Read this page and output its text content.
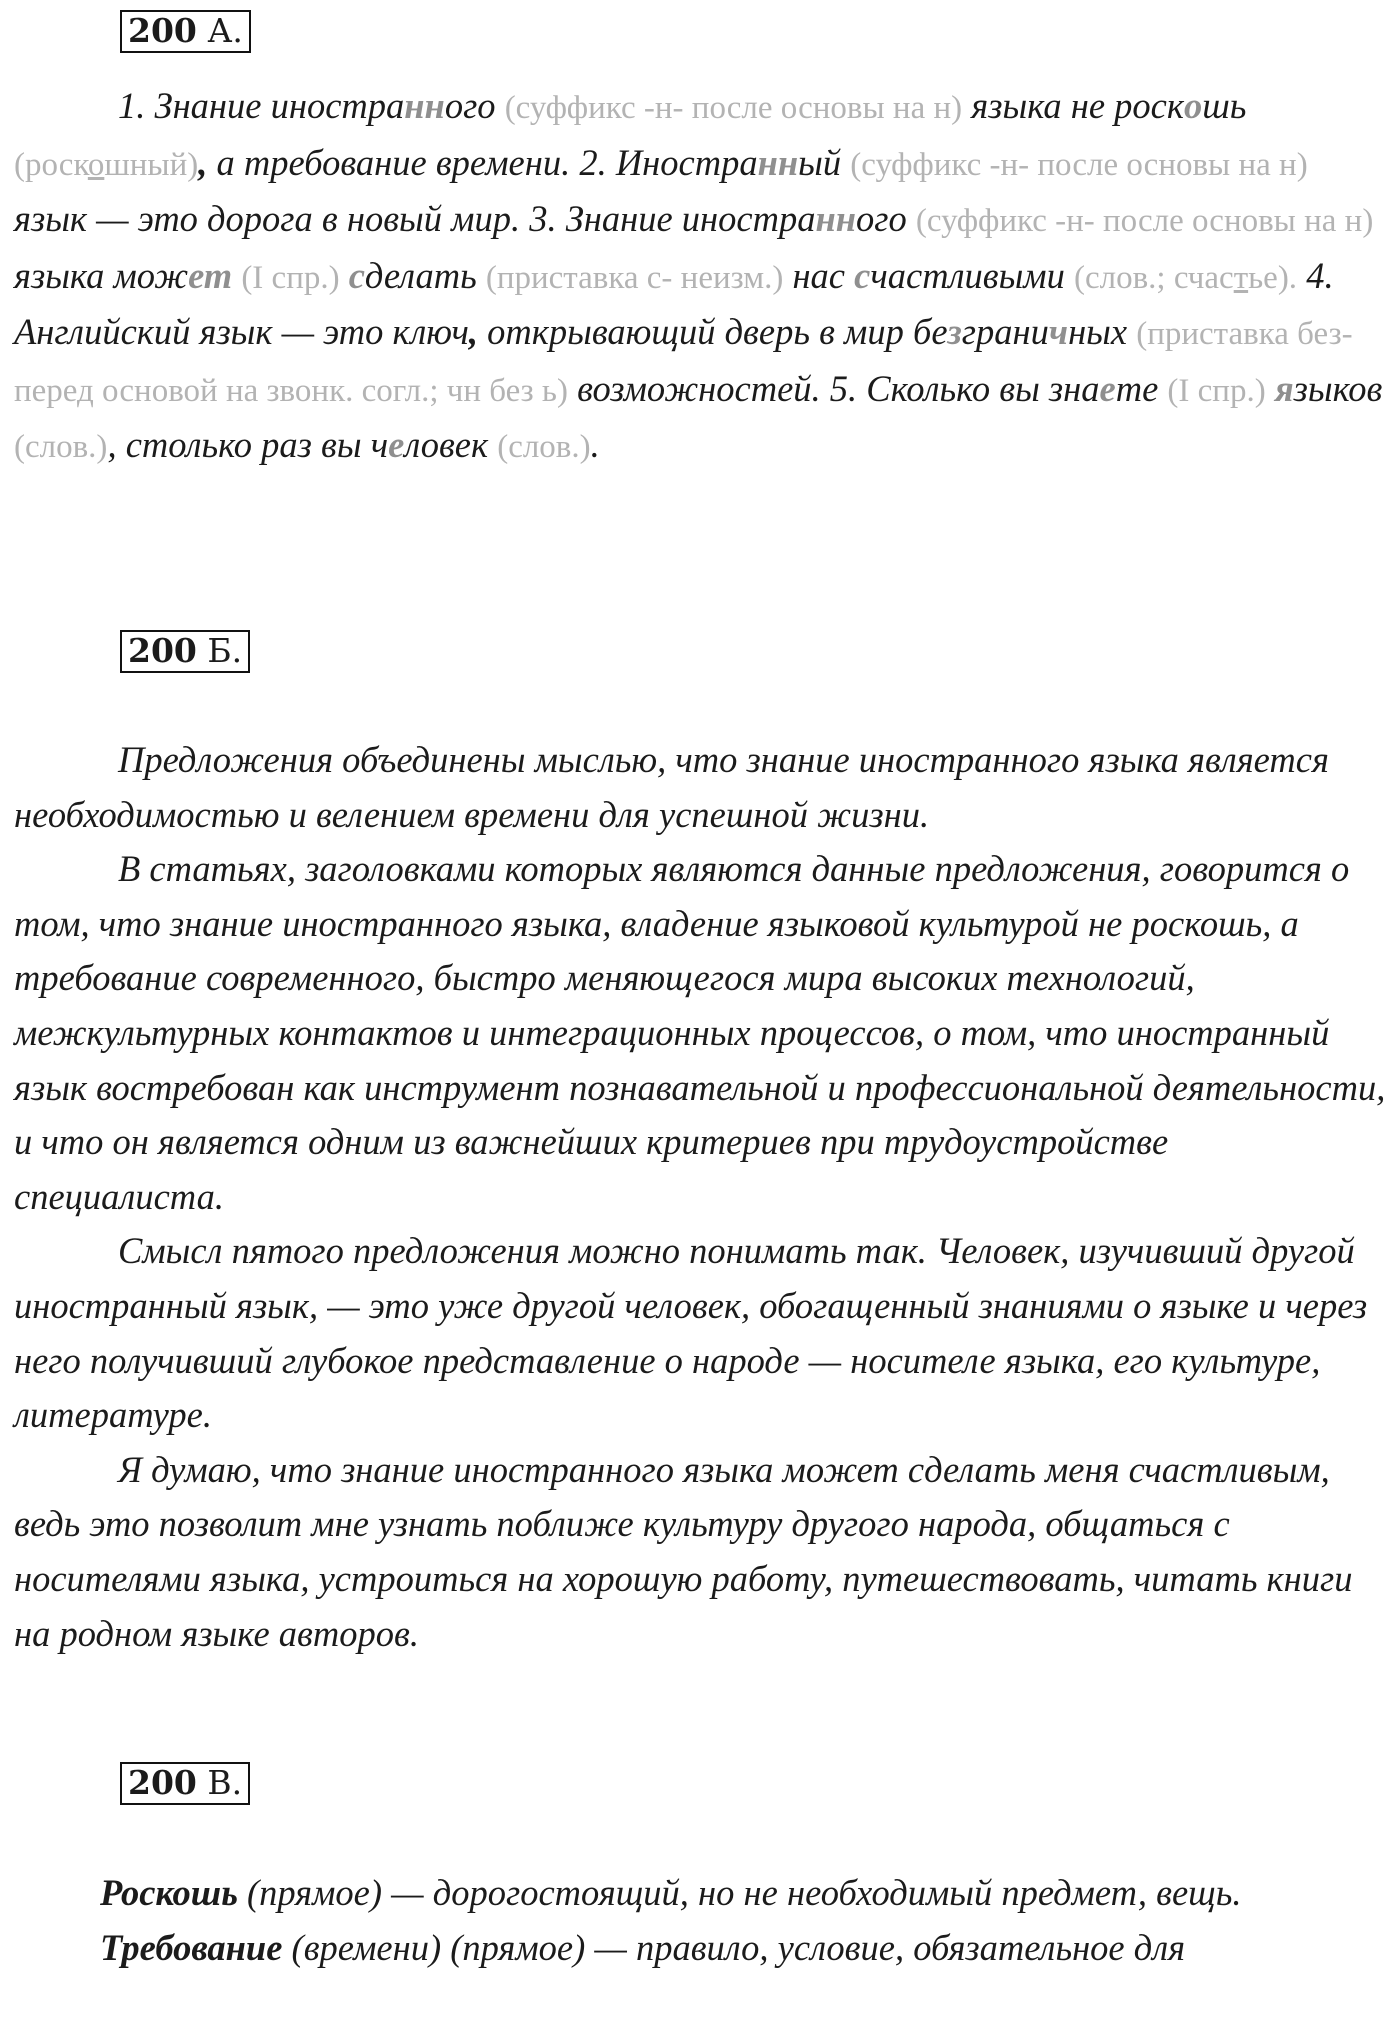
200 А.

1. Знание иностранного (суффикс -н- после основы на н) языка не роскошь (роскошный), а требование времени. 2. Иностранный (суффикс -н- после основы на н) язык — это дорога в новый мир. 3. Знание иностранного (суффикс -н- после основы на н) языка может (I спр.) сделать (приставка с- неизм.) нас счастливыми (слов.; счастье). 4. Английский язык — это ключ, открывающий дверь в мир безграничных (приставка без- перед основой на звонк. согл.; чн без ь) возможностей. 5. Сколько вы знаете (I спр.) языков (слов.), столько раз вы человек (слов.).

200 Б.

Предложения объединены мыслью, что знание иностранного языка является необходимостью и велением времени для успешной жизни.

В статьях, заголовками которых являются данные предложения, говорится о том, что знание иностранного языка, владение языковой культурой не роскошь, а требование современного, быстро меняющегося мира высоких технологий, межкультурных контактов и интеграционных процессов, о том, что иностранный язык востребован как инструмент познавательной и профессиональной деятельности, и что он является одним из важнейших критериев при трудоустройстве специалиста.

Смысл пятого предложения можно понимать так. Человек, изучивший другой иностранный язык, — это уже другой человек, обогащенный знаниями о языке и через него получивший глубокое представление о народе — носителе языка, его культуре, литературе.

Я думаю, что знание иностранного языка может сделать меня счастливым, ведь это позволит мне узнать поближе культуру другого народа, общаться с носителями языка, устроиться на хорошую работу, путешествовать, читать книги на родном языке авторов.

200 В.

Роскошь (прямое) — дорогостоящий, но не необходимый предмет, вещь.

Требование (времени) (прямое) — правило, условие, обязательное для
